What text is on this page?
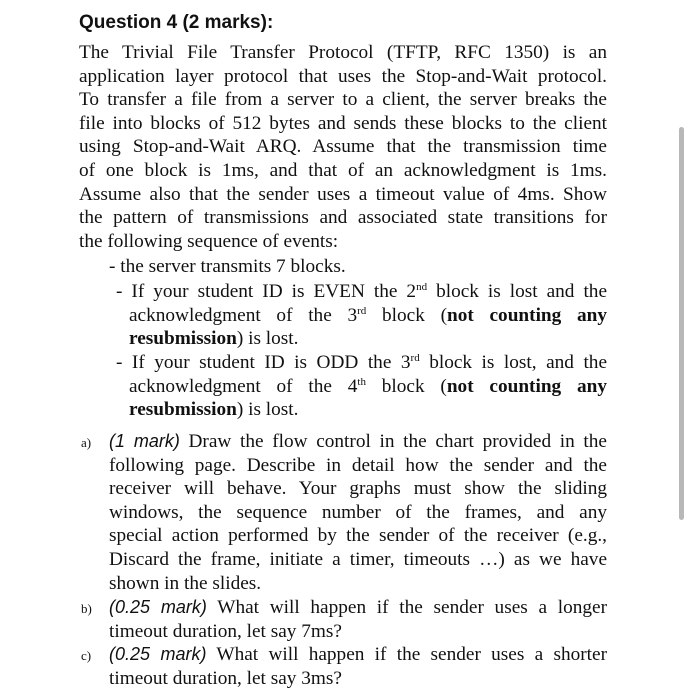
Question 4 (2 marks):
The Trivial File Transfer Protocol (TFTP, RFC 1350) is an
application layer protocol that uses the Stop-and-Wait protocol.
To transfer a file from a server to a client, the server breaks the
file into blocks of 512 bytes and sends these blocks to the client
using Stop-and-Wait ARQ. Assume that the transmission time
of one block is 1ms, and that of an acknowledgment is 1ms.
Assume also that the sender uses a timeout value of 4ms. Show
the pattern of transmissions and associated state transitions for
the following sequence of events:
- the server transmits 7 blocks.
- If your student ID is EVEN the 2nd block is lost and the
acknowledgment of the 3rd block (not counting any
resubmission) is lost.
- If your student ID is ODD the 3rd block is lost, and the
acknowledgment of the 4th block (not counting any
resubmission) is lost.
a) (1 mark) Draw the flow control in the chart provided in the
following page. Describe in detail how the sender and the
receiver will behave. Your graphs must show the sliding
windows, the sequence number of the frames, and any
special action performed by the sender of the receiver (e.g.,
Discard the frame, initiate a timer, timeouts …) as we have
shown in the slides.
b) (0.25 mark) What will happen if the sender uses a longer
timeout duration, let say 7ms?
c) (0.25 mark) What will happen if the sender uses a shorter
timeout duration, let say 3ms?
